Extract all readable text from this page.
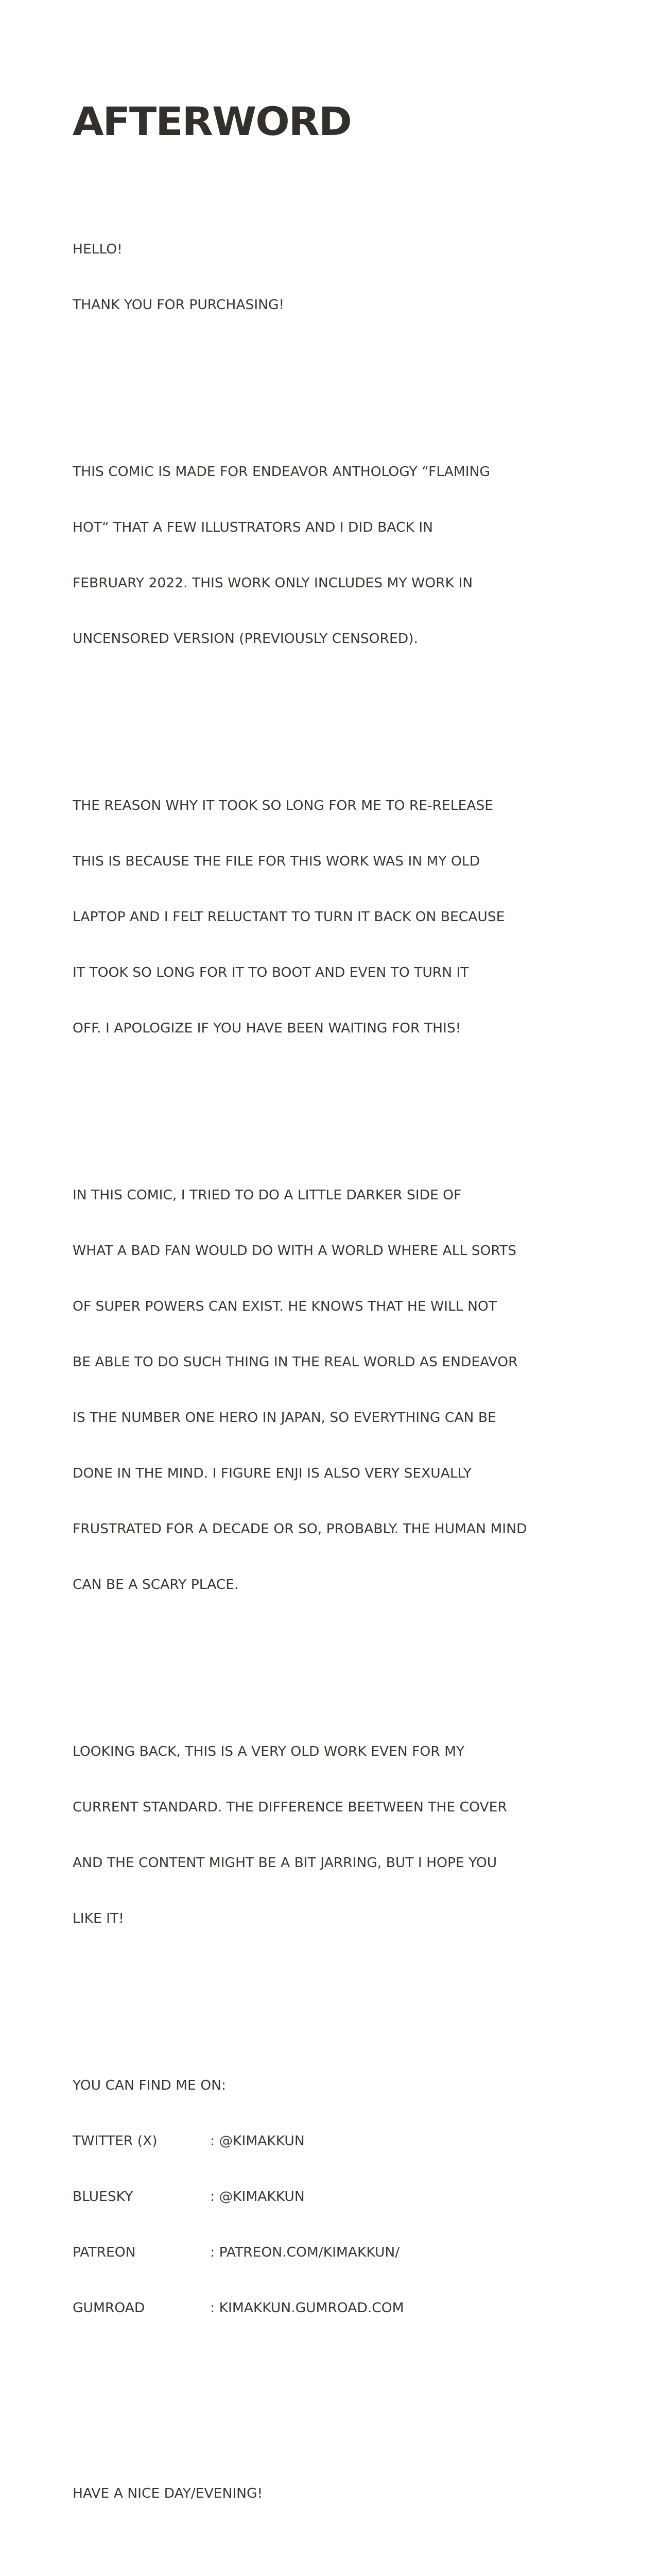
AFTERWORD

HELLO!

THANK YOU FOR PURCHASING!

THIS COMIC IS MADE FOR ENDEAVOR ANTHOLOGY “FLAMING

HOT“ THAT A FEW ILLUSTRATORS AND I DID BACK IN

FEBRUARY 2022. THIS WORK ONLY INCLUDES MY WORK IN

UNCENSORED VERSION (PREVIOUSLY CENSORED).

THE REASON WHY IT TOOK SO LONG FOR ME TO RE-RELEASE

THIS IS BECAUSE THE FILE FOR THIS WORK WAS IN MY OLD

LAPTOP AND I FELT RELUCTANT TO TURN IT BACK ON BECAUSE

IT TOOK SO LONG FOR IT TO BOOT AND EVEN TO TURN IT

OFF. I APOLOGIZE IF YOU HAVE BEEN WAITING FOR THIS!

IN THIS COMIC, I TRIED TO DO A LITTLE DARKER SIDE OF

WHAT A BAD FAN WOULD DO WITH A WORLD WHERE ALL SORTS

OF SUPER POWERS CAN EXIST. HE KNOWS THAT HE WILL NOT

BE ABLE TO DO SUCH THING IN THE REAL WORLD AS ENDEAVOR

IS THE NUMBER ONE HERO IN JAPAN, SO EVERYTHING CAN BE

DONE IN THE MIND. I FIGURE ENJI IS ALSO VERY SEXUALLY

FRUSTRATED FOR A DECADE OR SO, PROBABLY. THE HUMAN MIND

CAN BE A SCARY PLACE.

LOOKING BACK, THIS IS A VERY OLD WORK EVEN FOR MY

CURRENT STANDARD. THE DIFFERENCE BEETWEEN THE COVER

AND THE CONTENT MIGHT BE A BIT JARRING, BUT I HOPE YOU

LIKE IT!

YOU CAN FIND ME ON:

TWITTER (X)	: @KIMAKKUN

BLUESKY	: @KIMAKKUN

PATREON	: PATREON.COM/KIMAKKUN/

GUMROAD	: KIMAKKUN.GUMROAD.COM

HAVE A NICE DAY/EVENING!
